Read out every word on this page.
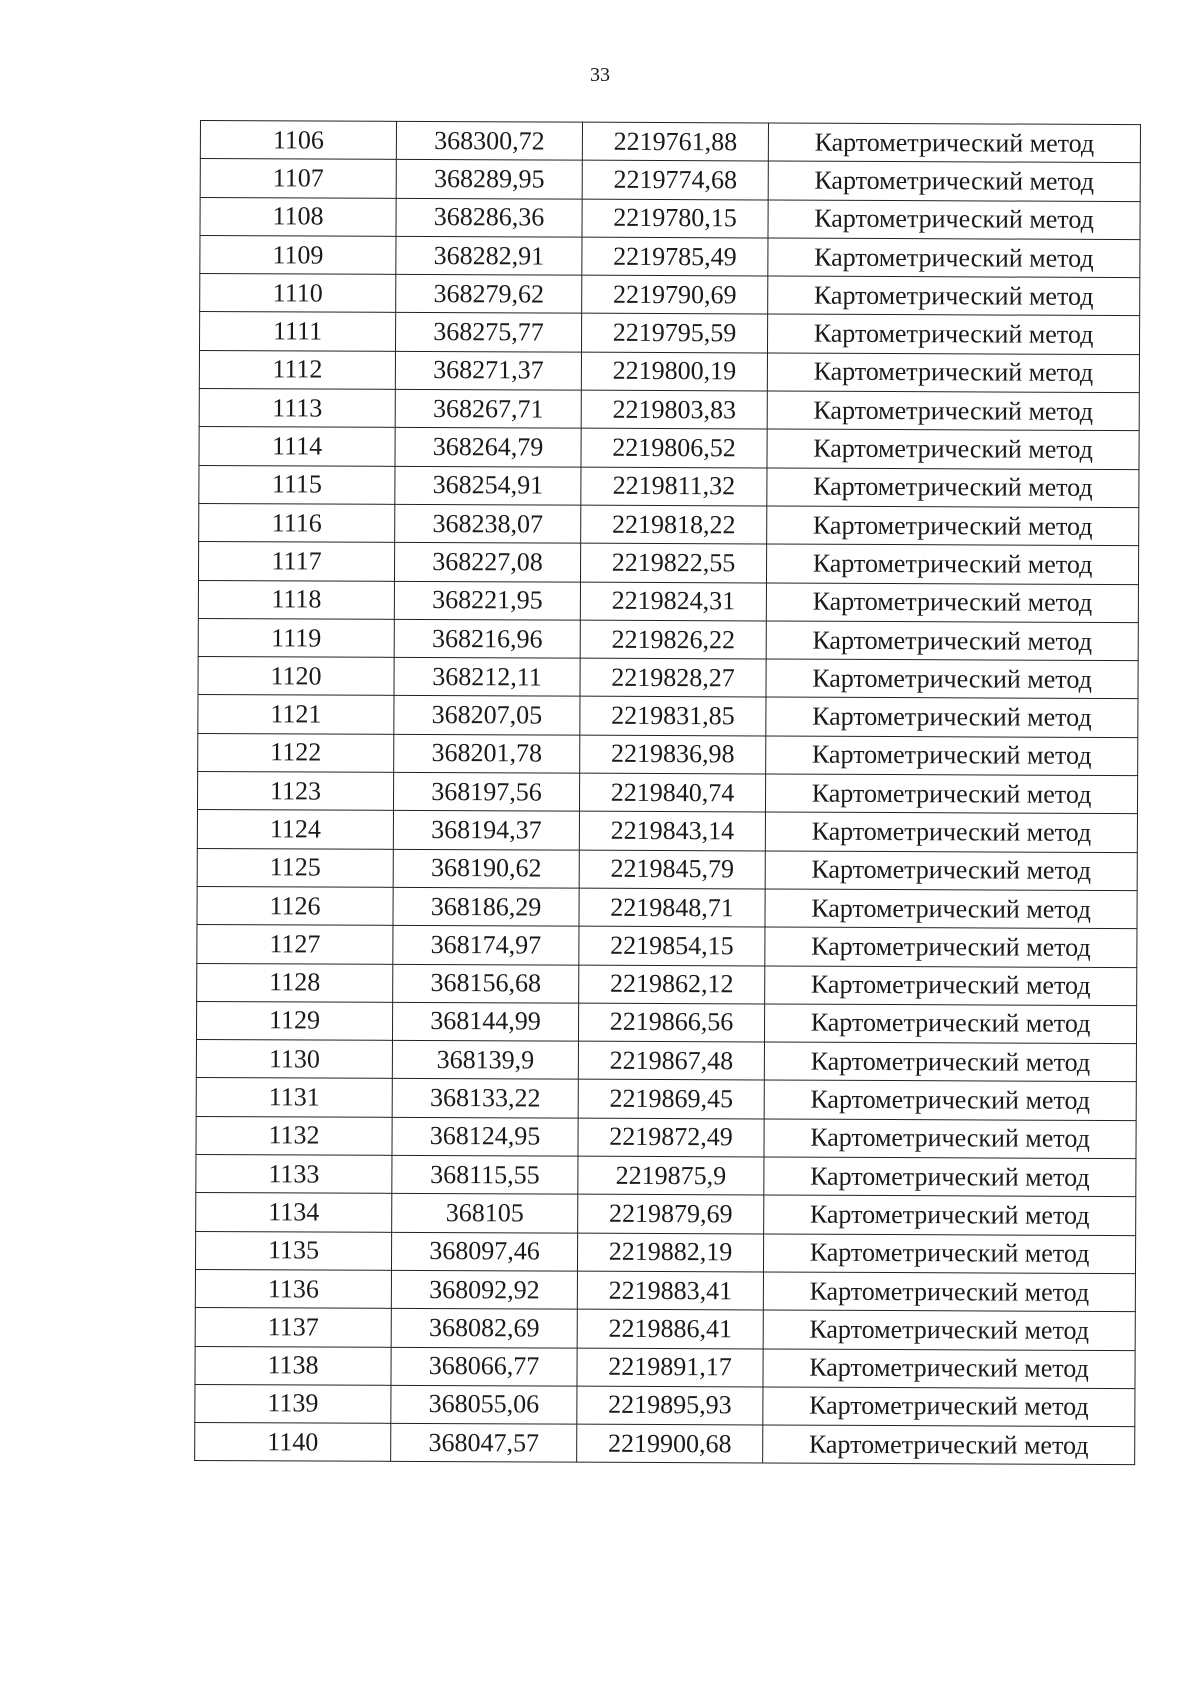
33
1106	368300,72	2219761,88	Картометрический метод
1107	368289,95	2219774,68	Картометрический метод
1108	368286,36	2219780,15	Картометрический метод
1109	368282,91	2219785,49	Картометрический метод
1110	368279,62	2219790,69	Картометрический метод
1111	368275,77	2219795,59	Картометрический метод
1112	368271,37	2219800,19	Картометрический метод
1113	368267,71	2219803,83	Картометрический метод
1114	368264,79	2219806,52	Картометрический метод
1115	368254,91	2219811,32	Картометрический метод
1116	368238,07	2219818,22	Картометрический метод
1117	368227,08	2219822,55	Картометрический метод
1118	368221,95	2219824,31	Картометрический метод
1119	368216,96	2219826,22	Картометрический метод
1120	368212,11	2219828,27	Картометрический метод
1121	368207,05	2219831,85	Картометрический метод
1122	368201,78	2219836,98	Картометрический метод
1123	368197,56	2219840,74	Картометрический метод
1124	368194,37	2219843,14	Картометрический метод
1125	368190,62	2219845,79	Картометрический метод
1126	368186,29	2219848,71	Картометрический метод
1127	368174,97	2219854,15	Картометрический метод
1128	368156,68	2219862,12	Картометрический метод
1129	368144,99	2219866,56	Картометрический метод
1130	368139,9	2219867,48	Картометрический метод
1131	368133,22	2219869,45	Картометрический метод
1132	368124,95	2219872,49	Картометрический метод
1133	368115,55	2219875,9	Картометрический метод
1134	368105	2219879,69	Картометрический метод
1135	368097,46	2219882,19	Картометрический метод
1136	368092,92	2219883,41	Картометрический метод
1137	368082,69	2219886,41	Картометрический метод
1138	368066,77	2219891,17	Картометрический метод
1139	368055,06	2219895,93	Картометрический метод
1140	368047,57	2219900,68	Картометрический метод
